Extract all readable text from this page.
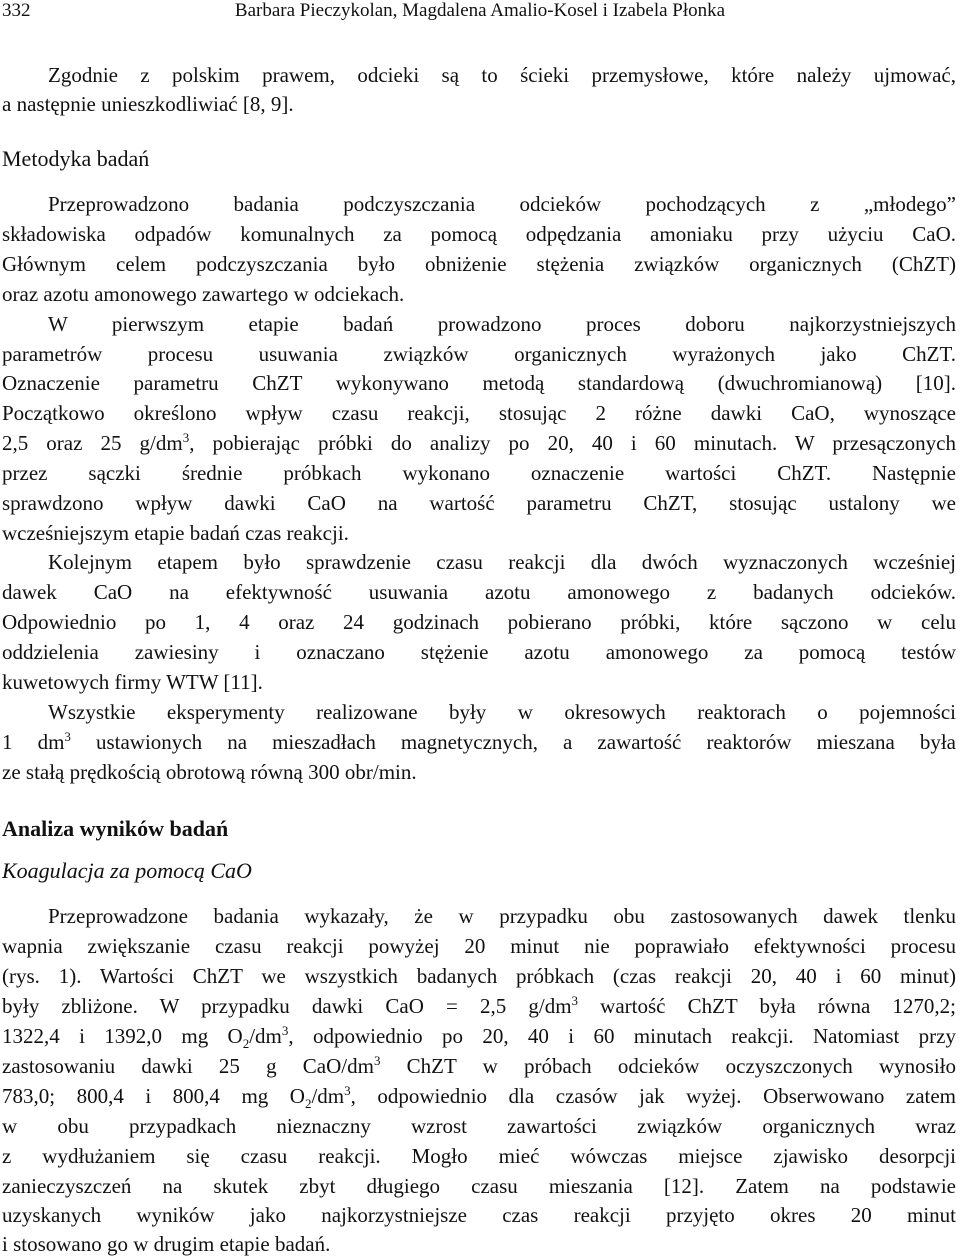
332	Barbara Pieczykolan, Magdalena Amalio-Kosel i Izabela Płonka
Zgodnie z polskim prawem, odcieki są to ścieki przemysłowe, które należy ujmować,
a następnie unieszkodliwiać [8, 9].
Metodyka badań
Przeprowadzono badania podczyszczania odcieków pochodzących z „młodego”
składowiska odpadów komunalnych za pomocą odpędzania amoniaku przy użyciu CaO.
Głównym celem podczyszczania było obniżenie stężenia związków organicznych (ChZT)
oraz azotu amonowego zawartego w odciekach.
W pierwszym etapie badań prowadzono proces doboru najkorzystniejszych
parametrów procesu usuwania związków organicznych wyrażonych jako ChZT.
Oznaczenie parametru ChZT wykonywano metodą standardową (dwuchromianową) [10].
Początkowo określono wpływ czasu reakcji, stosując 2 różne dawki CaO, wynoszące
2,5 oraz 25 $g/dm^3$, pobierając próbki do analizy po 20, 40 i 60 minutach. W przesączonych
przez sączki średnie próbkach wykonano oznaczenie wartości ChZT. Następnie
sprawdzono wpływ dawki CaO na wartość parametru ChZT, stosując ustalony we
wcześniejszym etapie badań czas reakcji.
Kolejnym etapem było sprawdzenie czasu reakcji dla dwóch wyznaczonych wcześniej
dawek CaO na efektywność usuwania azotu amonowego z badanych odcieków.
Odpowiednio po 1, 4 oraz 24 godzinach pobierano próbki, które sączono w celu
oddzielenia zawiesiny i oznaczano stężenie azotu amonowego za pomocą testów
kuwetowych firmy WTW [11].
Wszystkie eksperymenty realizowane były w okresowych reaktorach o pojemności
1 $dm^3$ ustawionych na mieszadłach magnetycznych, a zawartość reaktorów mieszana była
ze stałą prędkością obrotową równą 300 obr/min.
Analiza wyników badań
Koagulacja za pomocą CaO
Przeprowadzone badania wykazały, że w przypadku obu zastosowanych dawek tlenku
wapnia zwiększanie czasu reakcji powyżej 20 minut nie poprawiało efektywności procesu
(rys. 1). Wartości ChZT we wszystkich badanych próbkach (czas reakcji 20, 40 i 60 minut)
były zbliżone. W przypadku dawki CaO = 2,5 $g/dm^3$ wartość ChZT była równa 1270,2;
1322,4 i 1392,0 mg $O_2/dm^3$, odpowiednio po 20, 40 i 60 minutach reakcji. Natomiast przy
zastosowaniu dawki 25 g CaO/$dm^3$ ChZT w próbach odcieków oczyszczonych wynosiło
783,0; 800,4 i 800,4 mg $O_2/dm^3$, odpowiednio dla czasów jak wyżej. Obserwowano zatem
w obu przypadkach nieznaczny wzrost zawartości związków organicznych wraz
z wydłużaniem się czasu reakcji. Mogło mieć wówczas miejsce zjawisko desorpcji
zanieczyszczeń na skutek zbyt długiego czasu mieszania [12]. Zatem na podstawie
uzyskanych wyników jako najkorzystniejsze czas reakcji przyjęto okres 20 minut
i stosowano go w drugim etapie badań.
